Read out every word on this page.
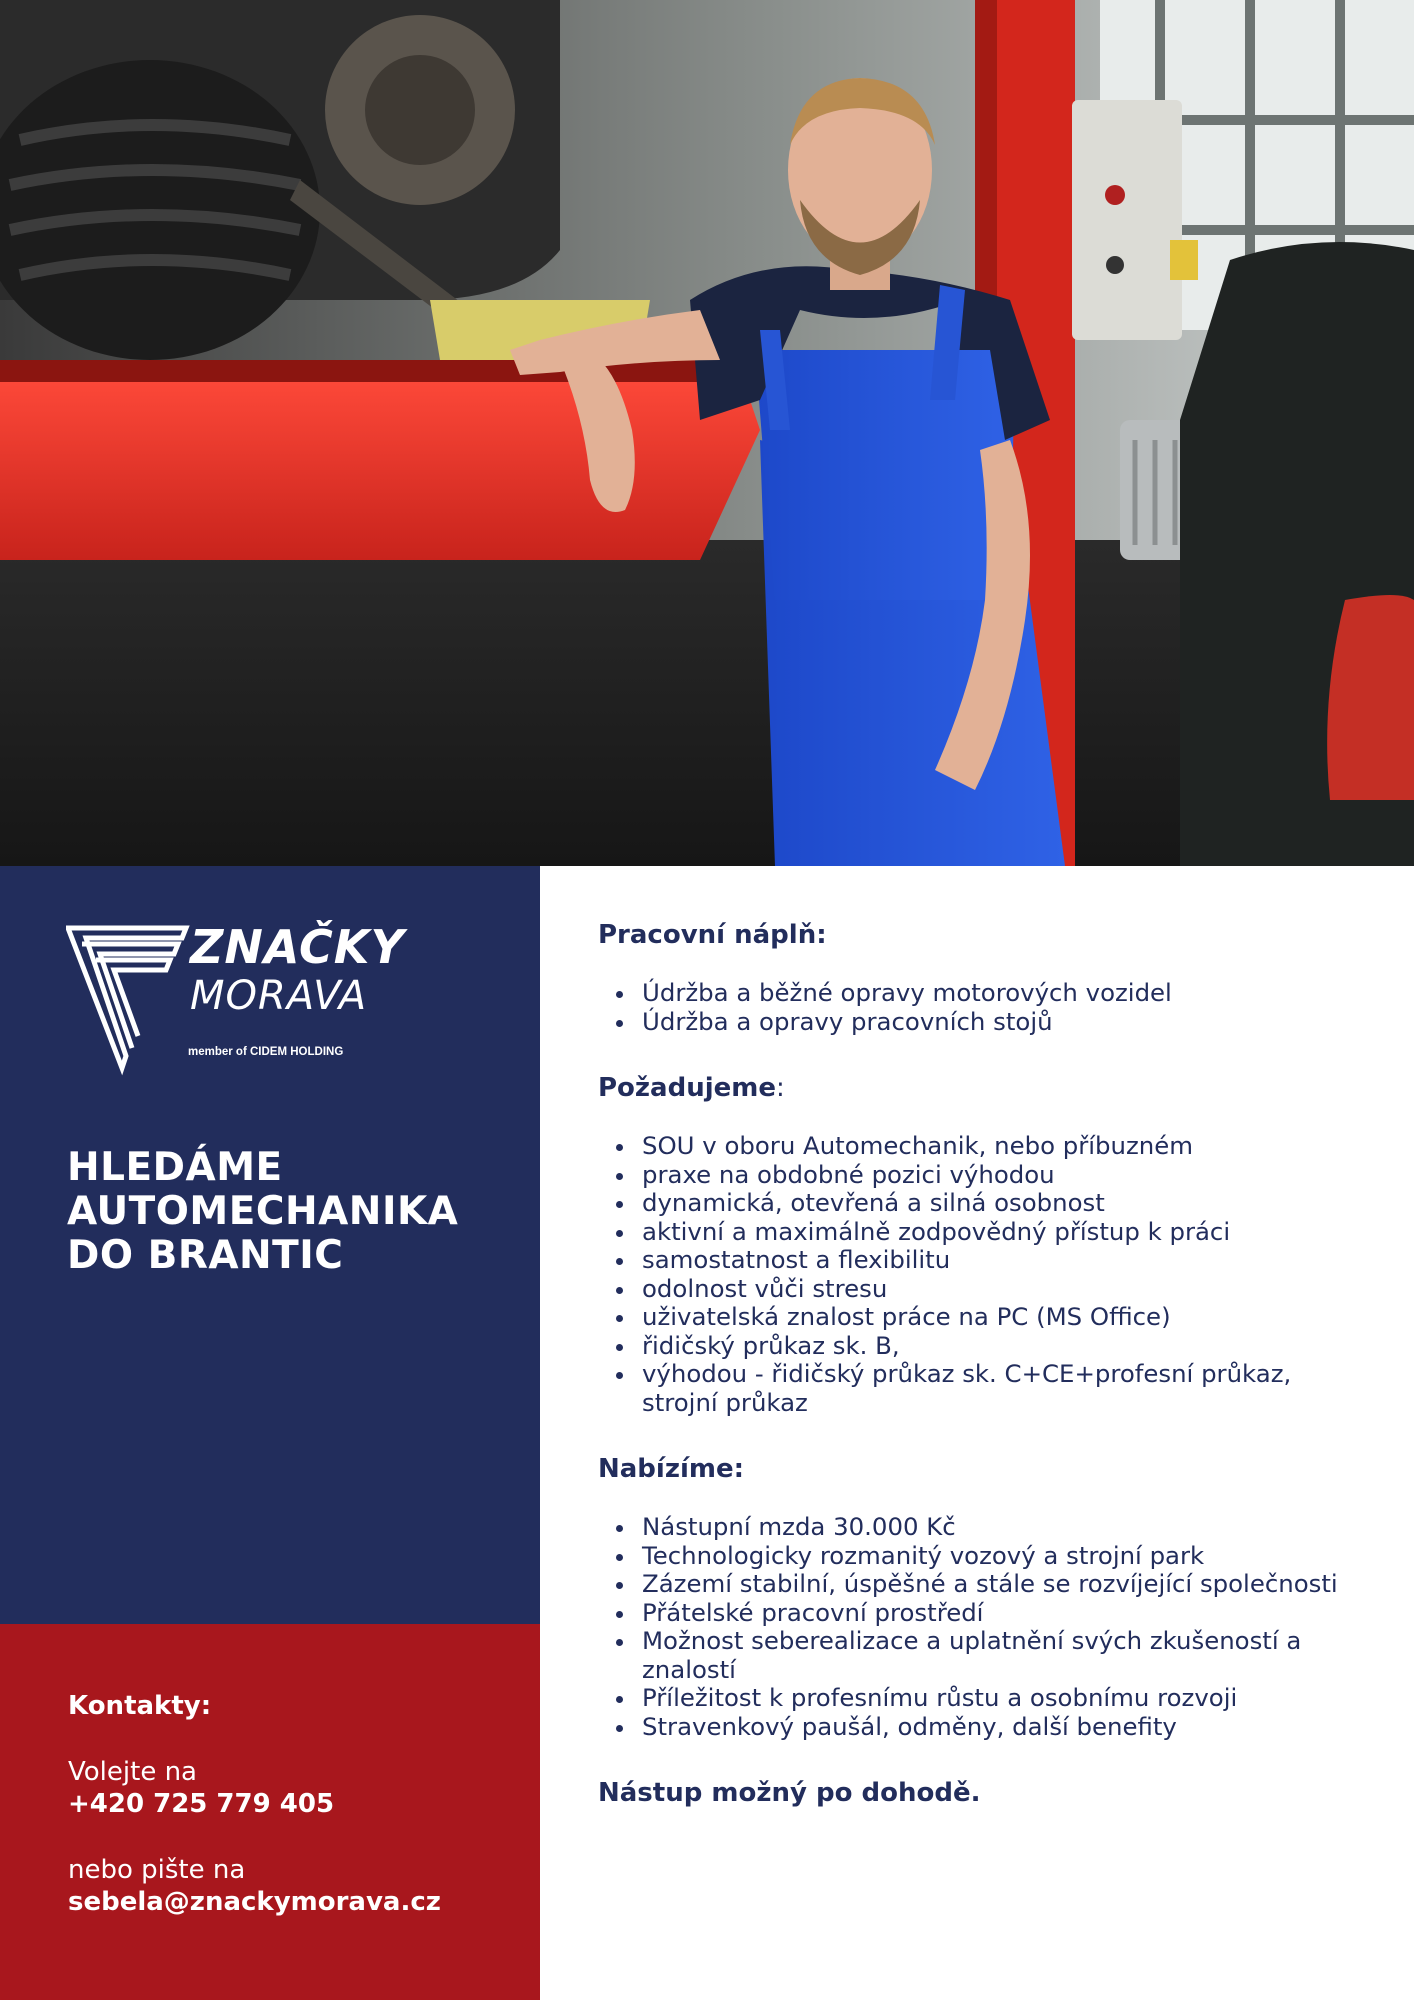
ZNAČKY
MORAVA
member of CIDEM HOLDING
HLEDÁME
AUTOMECHANIKA
DO BRANTIC
Kontakty:
Volejte na
+420 725 779 405
nebo pište na
sebela@znackymorava.cz
Pracovní náplň:
Údržba a běžné opravy motorových vozidel
Údržba a opravy pracovních stojů
Požadujeme:
SOU v oboru Automechanik, nebo příbuzném
praxe na obdobné pozici výhodou
dynamická, otevřená a silná osobnost
aktivní a maximálně zodpovědný přístup k práci
samostatnost a flexibilitu
odolnost vůči stresu
uživatelská znalost práce na PC (MS Office)
řidičský průkaz sk. B,
výhodou - řidičský průkaz sk. C+CE+profesní průkaz, strojní průkaz
Nabízíme:
Nástupní mzda 30.000 Kč
Technologicky rozmanitý vozový a strojní park
Zázemí stabilní, úspěšné a stále se rozvíjející společnosti
Přátelské pracovní prostředí
Možnost seberealizace a uplatnění svých zkušeností a znalostí
Příležitost k profesnímu růstu a osobnímu rozvoji
Stravenkový paušál, odměny, další benefity
Nástup možný po dohodě.
